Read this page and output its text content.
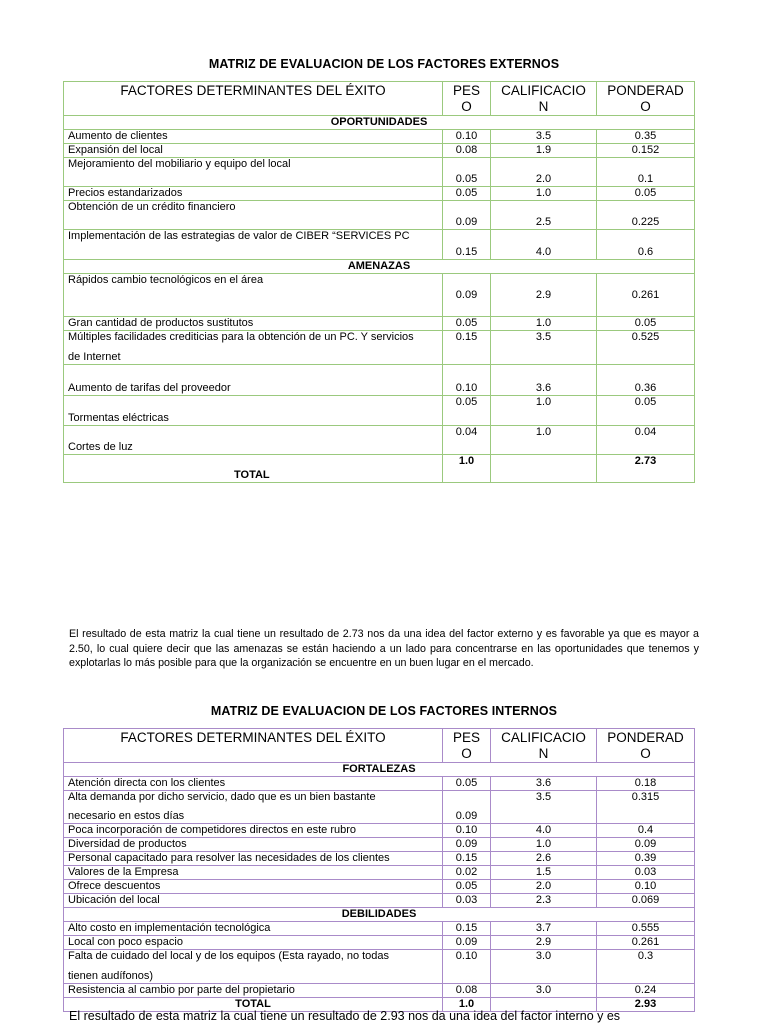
MATRIZ DE EVALUACION DE LOS FACTORES EXTERNOS
FACTORES DETERMINANTES DEL ÉXITO	PES O	CALIFICACIO N	PONDERAD O
OPORTUNIDADES			
Aumento de clientes	0.10	3.5	0.35
Expansión del local	0.08	1.9	0.152
Mejoramiento del mobiliario y equipo del local	0.05	2.0	0.1
Precios estandarizados	0.05	1.0	0.05
Obtención de un crédito financiero	0.09	2.5	0.225
Implementación de las estrategias de valor de CIBER “SERVICES PC	0.15	4.0	0.6
AMENAZAS			
Rápidos cambio tecnológicos en el área	0.09	2.9	0.261
Gran cantidad de productos sustitutos	0.05	1.0	0.05

Múltiples facilidades crediticias para la obtención de un PC. Y servicios
de Internet	0.15	3.5	0.525
Aumento de tarifas del proveedor	0.10	3.6	0.36
Tormentas eléctricas	0.05	1.0	0.05
Cortes de luz	0.04	1.0	0.04
TOTAL	1.0		2.73
El resultado de esta matriz la cual tiene un resultado de 2.73 nos da una idea del factor externo y es favorable ya que es mayor a 2.50, lo cual quiere decir que las amenazas se están haciendo a un lado para concentrarse en las oportunidades que tenemos y explotarlas lo más posible para que la organización se encuentre en un buen lugar en el mercado.
MATRIZ DE EVALUACION DE LOS FACTORES INTERNOS
FACTORES DETERMINANTES DEL ÉXITO	PES O	CALIFICACIO N	PONDERAD O
FORTALEZAS			
Atención directa con los clientes	0.05	3.6	0.18

Alta demanda por dicho servicio, dado que es un bien bastante
necesario en estos días	0.09	3.5	0.315
Poca incorporación de competidores directos en este rubro	0.10	4.0	0.4
Diversidad de productos	0.09	1.0	0.09
Personal capacitado para resolver las necesidades de los clientes	0.15	2.6	0.39
Valores de la Empresa	0.02	1.5	0.03
Ofrece descuentos	0.05	2.0	0.10
Ubicación del local	0.03	2.3	0.069
DEBILIDADES			
Alto costo en implementación tecnológica	0.15	3.7	0.555
Local con poco espacio	0.09	2.9	0.261

Falta de cuidado del local y de los equipos (Esta rayado, no todas
tienen audífonos)	0.10	3.0	0.3
Resistencia al cambio por parte del propietario	0.08	3.0	0.24
TOTAL	1.0		2.93
El resultado de esta matriz la cual tiene un resultado de 2.93 nos da una idea del factor interno y es
